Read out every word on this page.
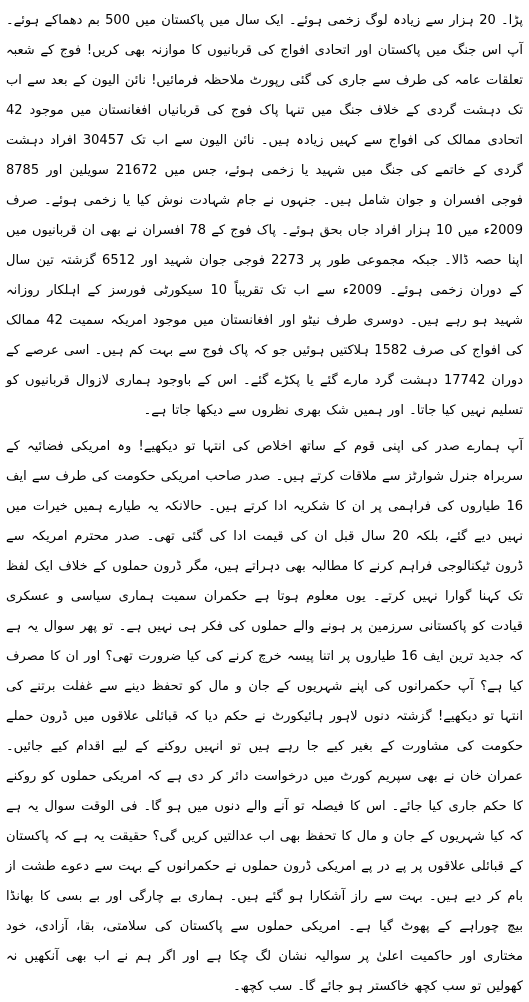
پڑا۔ 20 ہزار سے زیادہ لوگ زخمی ہوئے۔ ایک سال میں پاکستان میں 500 بم دھماکے ہوئے۔ آپ اس جنگ میں پاکستان اور اتحادی افواج کی قربانیوں کا موازنہ بھی کریں! فوج کے شعبہ تعلقات عامہ کی طرف سے جاری کی گئی رپورٹ ملاحظہ فرمائیں! نائن الیون کے بعد سے اب تک دہشت گردی کے خلاف جنگ میں تنہا پاک فوج کی قربانیاں افغانستان میں موجود 42 اتحادی ممالک کی افواج سے کہیں زیادہ ہیں۔ نائن الیون سے اب تک 30457 افراد دہشت گردی کے خاتمے کی جنگ میں شہید یا زخمی ہوئے، جس میں 21672 سویلین اور 8785 فوجی افسران و جوان شامل ہیں۔ جنہوں نے جام شہادت نوش کیا یا زخمی ہوئے۔ صرف 2009ء میں 10 ہزار افراد جاں بحق ہوئے۔ پاک فوج کے 78 افسران نے بھی ان قربانیوں میں اپنا حصہ ڈالا۔ جبکہ مجموعی طور پر 2273 فوجی جوان شہید اور 6512 گزشتہ تین سال کے دوران زخمی ہوئے۔ 2009ء سے اب تک تقریباً 10 سیکورٹی فورسز کے اہلکار روزانہ شہید ہو رہے ہیں۔ دوسری طرف نیٹو اور افغانستان میں موجود امریکہ سمیت 42 ممالک کی افواج کی صرف 1582 ہلاکتیں ہوئیں جو کہ پاک فوج سے بہت کم ہیں۔ اسی عرصے کے دوران 17742 دہشت گرد مارے گئے یا پکڑے گئے۔ اس کے باوجود ہماری لازوال قربانیوں کو تسلیم نہیں کیا جاتا۔ اور ہمیں شک بھری نظروں سے دیکھا جاتا ہے۔

آپ ہمارے صدر کی اپنی قوم کے ساتھ اخلاص کی انتہا تو دیکھیے! وہ امریکی فضائیہ کے سربراہ جنرل شوارٹز سے ملاقات کرتے ہیں۔ صدر صاحب امریکی حکومت کی طرف سے ایف 16 طیاروں کی فراہمی پر ان کا شکریہ ادا کرتے ہیں۔ حالانکہ یہ طیارے ہمیں خیرات میں نہیں دیے گئے، بلکہ 20 سال قبل ان کی قیمت ادا کی گئی تھی۔ صدر محترم امریکہ سے ڈرون ٹیکنالوجی فراہم کرنے کا مطالبہ بھی دہراتے ہیں، مگر ڈرون حملوں کے خلاف ایک لفظ تک کہنا گوارا نہیں کرتے۔ یوں معلوم ہوتا ہے حکمران سمیت ہماری سیاسی و عسکری قیادت کو پاکستانی سرزمین پر ہونے والے حملوں کی فکر ہی نہیں ہے۔ تو پھر سوال یہ ہے کہ جدید ترین ایف 16 طیاروں پر اتنا پیسہ خرچ کرنے کی کیا ضرورت تھی؟ اور ان کا مصرف کیا ہے؟ آپ حکمرانوں کی اپنے شہریوں کے جان و مال کو تحفظ دینے سے غفلت برتنے کی انتہا تو دیکھیے! گزشتہ دنوں لاہور ہائیکورٹ نے حکم دیا کہ قبائلی علاقوں میں ڈرون حملے حکومت کی مشاورت کے بغیر کیے جا رہے ہیں تو انہیں روکنے کے لیے اقدام کیے جائیں۔ عمران خان نے بھی سپریم کورٹ میں درخواست دائر کر دی ہے کہ امریکی حملوں کو روکنے کا حکم جاری کیا جائے۔ اس کا فیصلہ تو آنے والے دنوں میں ہو گا۔ فی الوقت سوال یہ ہے کہ کیا شہریوں کے جان و مال کا تحفظ بھی اب عدالتیں کریں گی؟ حقیقت یہ ہے کہ پاکستان کے قبائلی علاقوں پر پے در پے امریکی ڈرون حملوں نے حکمرانوں کے بہت سے دعوے طشت از بام کر دیے ہیں۔ بہت سے راز آشکارا ہو گئے ہیں۔ ہماری بے چارگی اور بے بسی کا بھانڈا بیچ چوراہے کے پھوٹ گیا ہے۔ امریکی حملوں سے پاکستان کی سلامتی، بقا، آزادی، خود مختاری اور حاکمیت اعلیٰ پر سوالیہ نشان لگ چکا ہے اور اگر ہم نے اب بھی آنکھیں نہ کھولیں تو سب کچھ خاکستر ہو جائے گا۔ سب کچھ۔
